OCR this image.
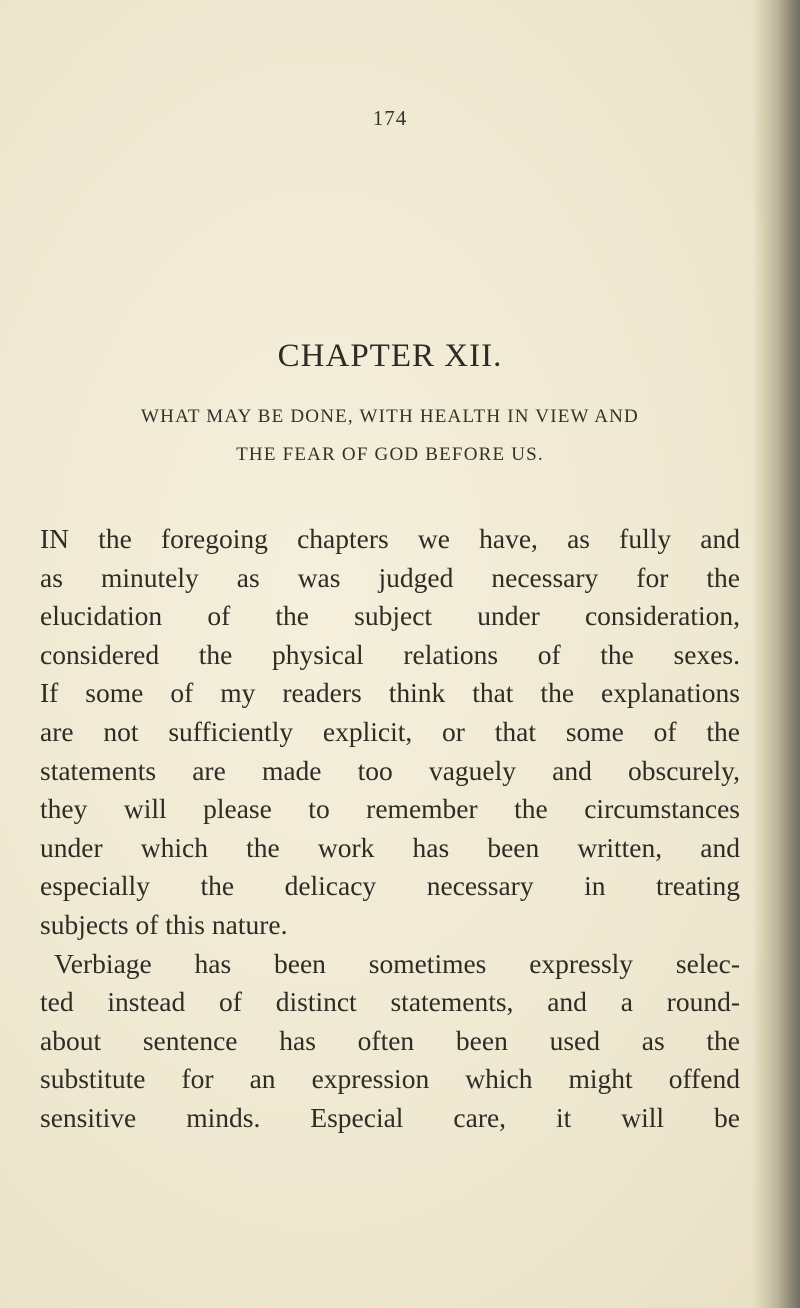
174
CHAPTER XII.
WHAT MAY BE DONE, WITH HEALTH IN VIEW AND
THE FEAR OF GOD BEFORE US.

IN the foregoing chapters we have, as fully and

as minutely as was judged necessary for the

elucidation of the subject under consideration,

considered the physical relations of the sexes.

If some of my readers think that the explanations

are not sufficiently explicit, or that some of the

statements are made too vaguely and obscurely,

they will please to remember the circumstances

under which the work has been written, and

especially the delicacy necessary in treating

subjects of this nature.

Verbiage has been sometimes expressly selec-

ted instead of distinct statements, and a round-

about sentence has often been used as the

substitute for an expression which might offend

sensitive minds. Especial care, it will be
